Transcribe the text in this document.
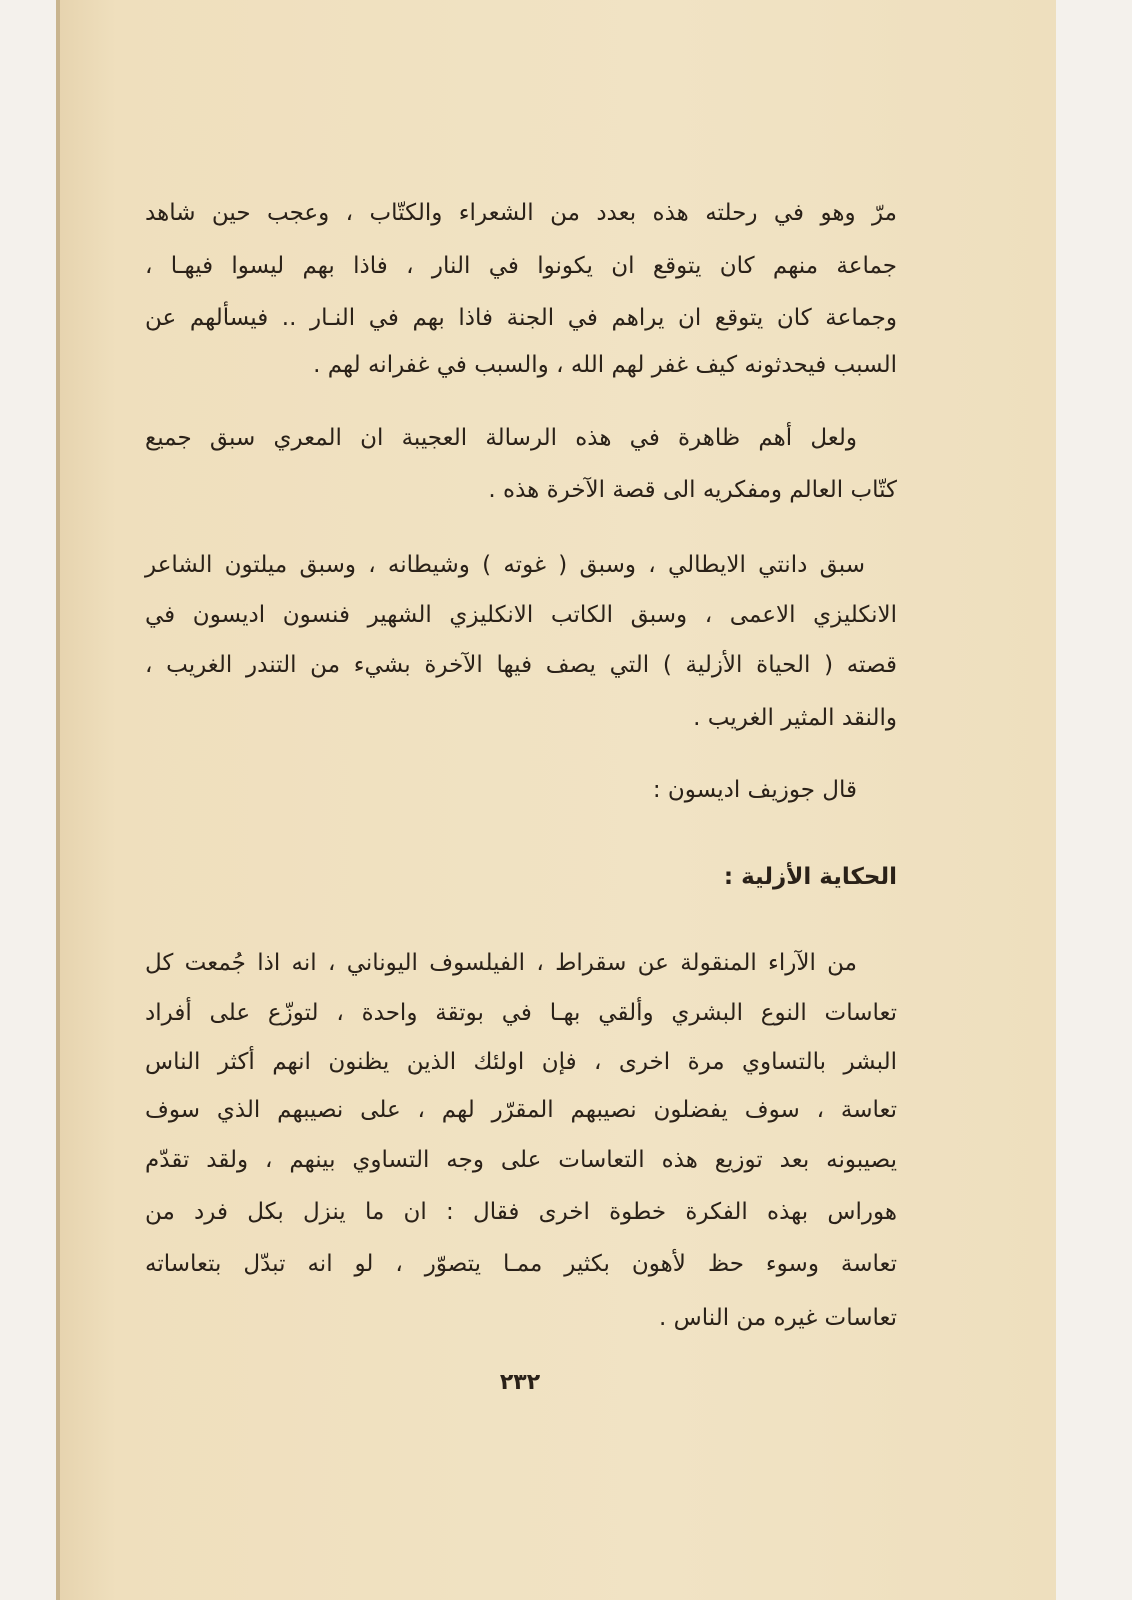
مرّ وهو في رحلته هذه بعدد من الشعراء والكتّاب ، وعجب حين شاهد
جماعة منهم كان يتوقع ان يكونوا في النار ، فاذا بهم ليسوا فيهـا ،
وجماعة كان يتوقع ان يراهم في الجنة فاذا بهم في النـار .. فيسألهم عن
السبب فيحدثونه كيف غفر لهم الله ، والسبب في غفرانه لهم .
ولعل أهم ظاهرة في هذه الرسالة العجيبة ان المعري سبق جميع
كتّاب العالم ومفكريه الى قصة الآخرة هذه .
سبق دانتي الايطالي ، وسبق ( غوته ) وشيطانه ، وسبق ميلتون الشاعر
الانكليزي الاعمى ، وسبق الكاتب الانكليزي الشهير فنسون اديسون في
قصته ( الحياة الأزلية ) التي يصف فيها الآخرة بشيء من التندر الغريب ،
والنقد المثير الغريب .
قال جوزيف اديسون :
الحكاية الأزلية :
من الآراء المنقولة عن سقراط ، الفيلسوف اليوناني ، انه اذا جُمعت كل
تعاسات النوع البشري وألقي بهـا في بوتقة واحدة ، لتوزّع على أفراد
البشر بالتساوي مرة اخرى ، فإن اولئك الذين يظنون انهم أكثر الناس
تعاسة ، سوف يفضلون نصيبهم المقرّر لهم ، على نصيبهم الذي سوف
يصيبونه بعد توزيع هذه التعاسات على وجه التساوي بينهم ، ولقد تقدّم
هوراس بهذه الفكرة خطوة اخرى فقال : ان ما ينزل بكل فرد من
تعاسة وسوء حظ لأهون بكثير ممـا يتصوّر ، لو انه تبدّل بتعاساته
تعاسات غيره من الناس .
٢٣٢
